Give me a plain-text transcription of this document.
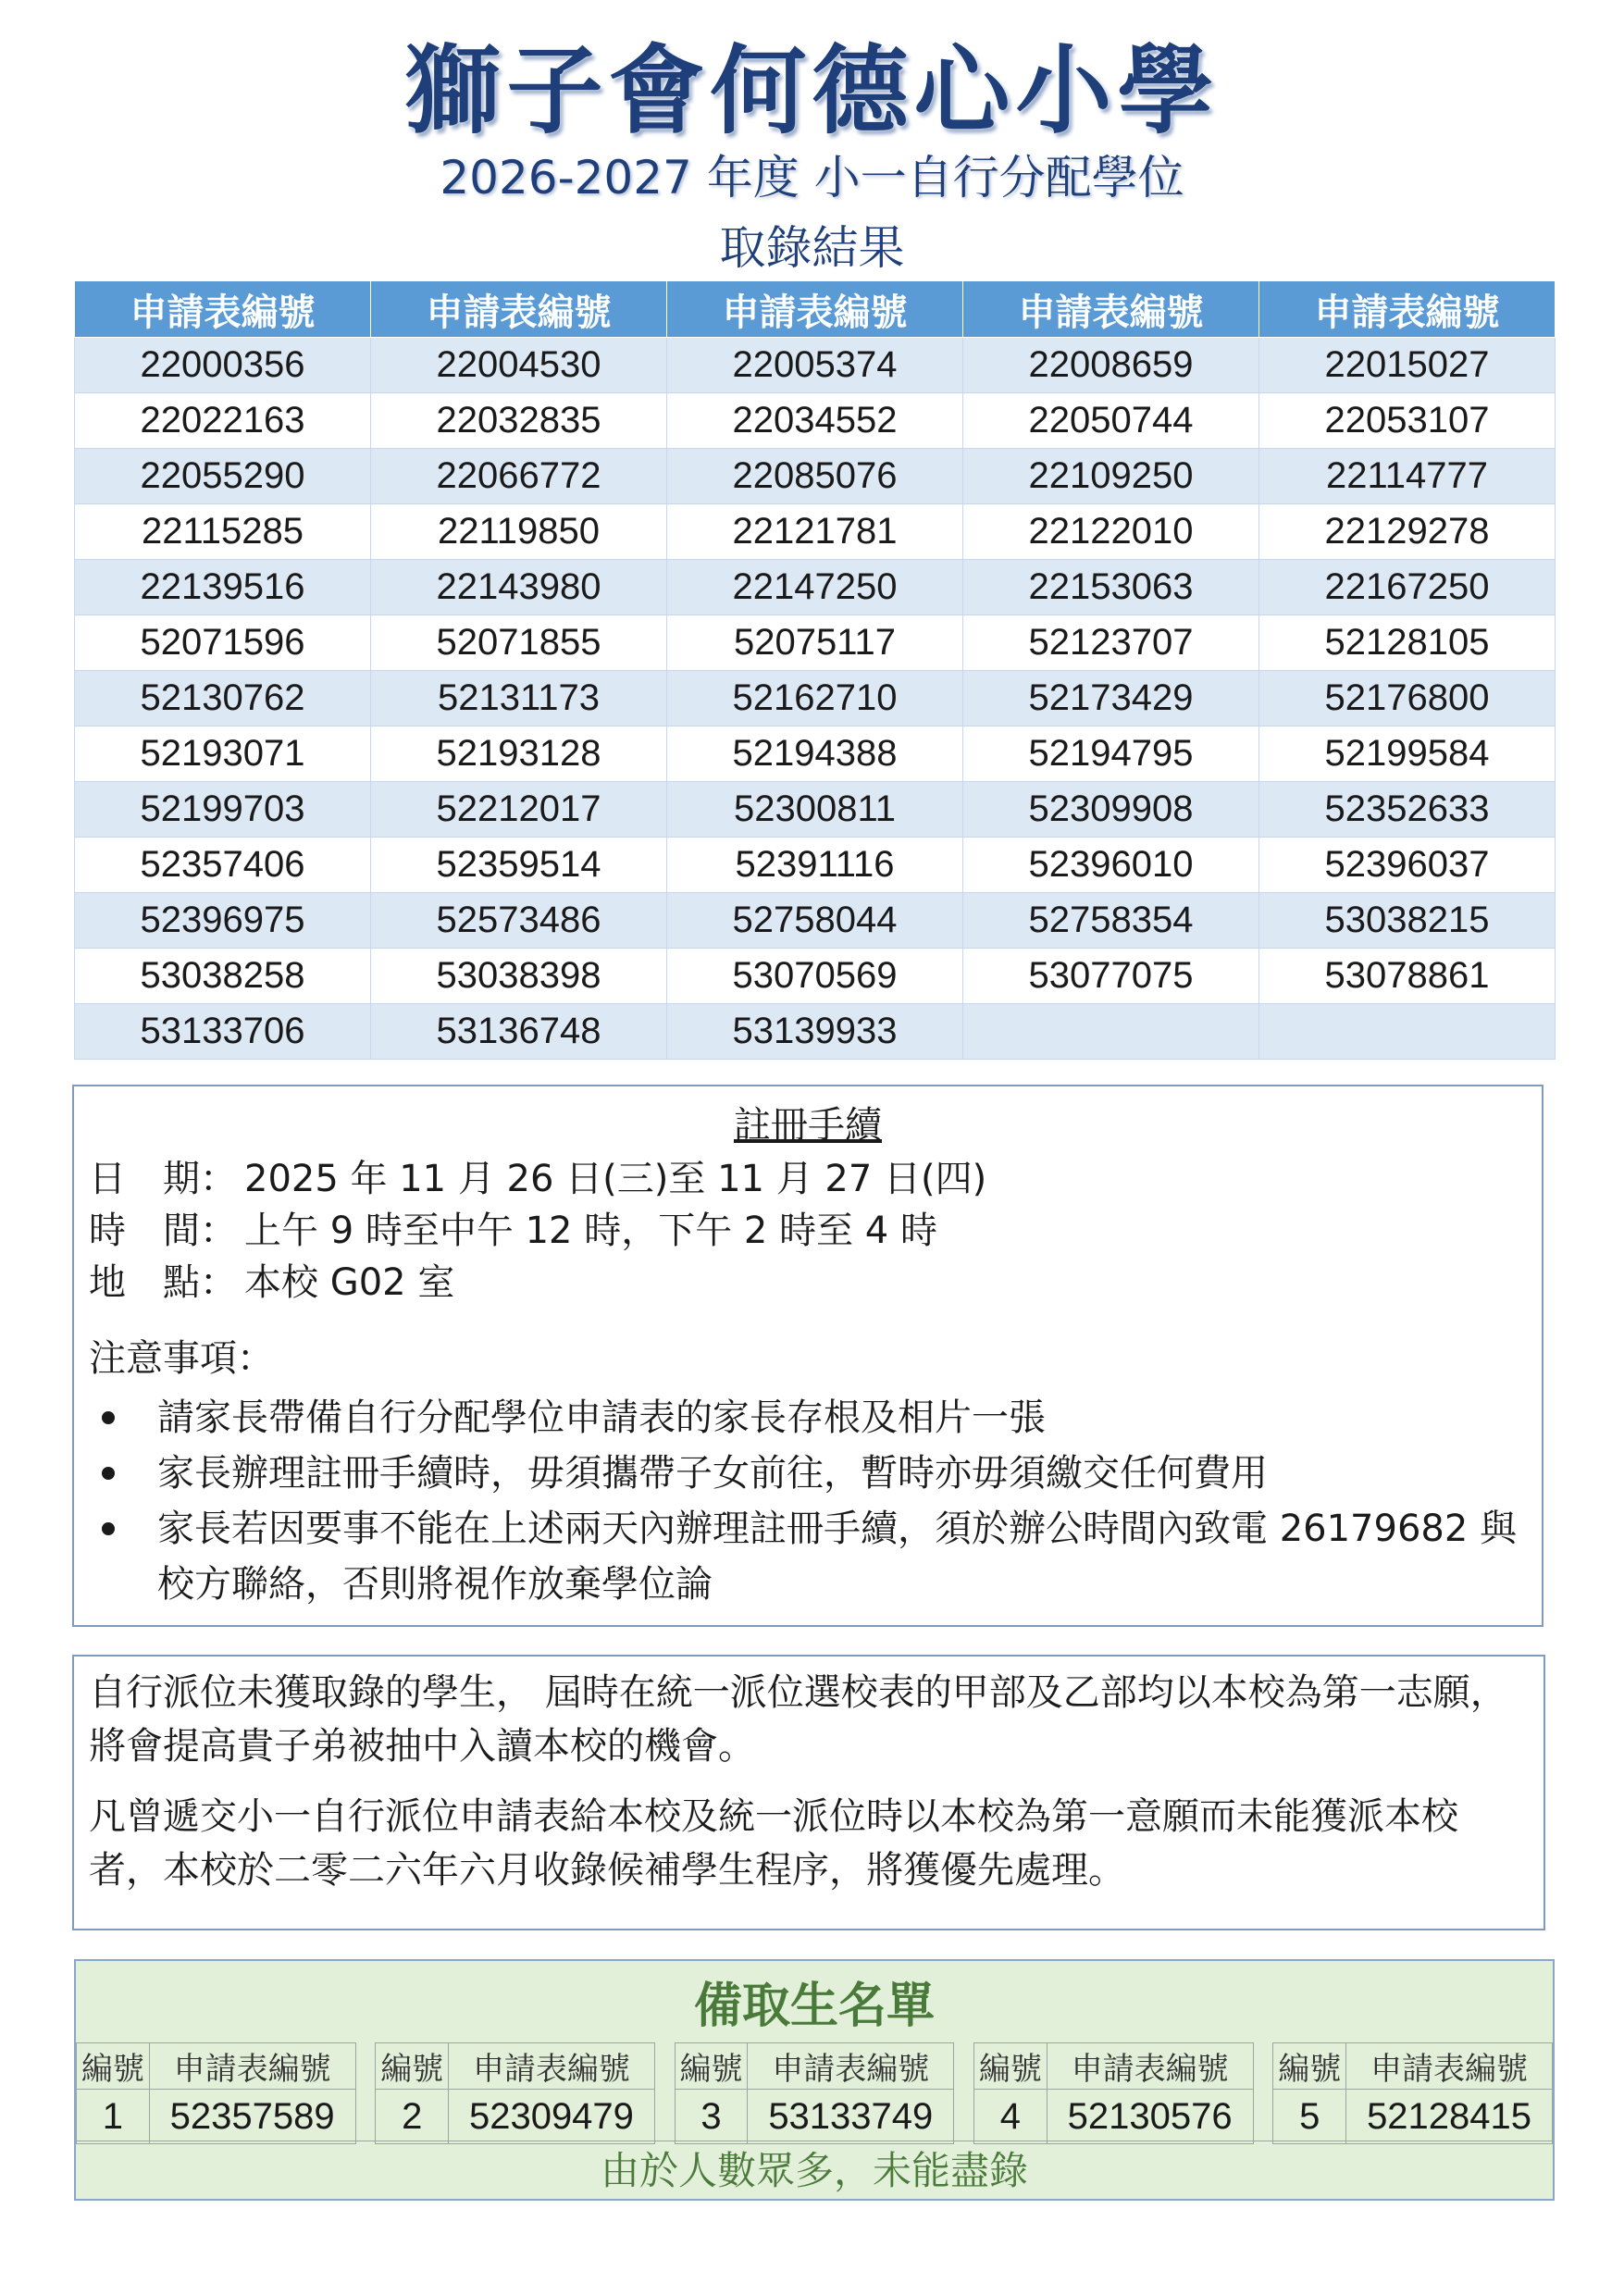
獅子會何德心小學
2026-2027 年度 小一自行分配學位
取錄結果
申請表編號	申請表編號	申請表編號	申請表編號	申請表編號
22000356	22004530	22005374	22008659	22015027
22022163	22032835	22034552	22050744	22053107
22055290	22066772	22085076	22109250	22114777
22115285	22119850	22121781	22122010	22129278
22139516	22143980	22147250	22153063	22167250
52071596	52071855	52075117	52123707	52128105
52130762	52131173	52162710	52173429	52176800
52193071	52193128	52194388	52194795	52199584
52199703	52212017	52300811	52309908	52352633
52357406	52359514	52391116	52396010	52396037
52396975	52573486	52758044	52758354	53038215
53038258	53038398	53070569	53077075	53078861
53133706	53136748	53139933		
註冊手續
日　期： 2025 年 11 月 26 日(三)至 11 月 27 日(四)
時　間： 上午 9 時至中午 12 時，下午 2 時至 4 時
地　點： 本校 G02 室
注意事項：
請家長帶備自行分配學位申請表的家長存根及相片一張
家長辦理註冊手續時，毋須攜帶子女前往，暫時亦毋須繳交任何費用
家長若因要事不能在上述兩天內辦理註冊手續，須於辦公時間內致電 26179682 與校方聯絡，否則將視作放棄學位論

自行派位未獲取錄的學生， 屆時在統一派位選校表的甲部及乙部均以本校為第一志願，將會提高貴子弟被抽中入讀本校的機會。

凡曾遞交小一自行派位申請表給本校及統一派位時以本校為第一意願而未能獲派本校者，本校於二零二六年六月收錄候補學生程序，將獲優先處理。

備取生名單
編號	申請表編號		編號	申請表編號		編號	申請表編號		編號	申請表編號		編號	申請表編號
1	52357589		2	52309479		3	53133749		4	52130576		5	52128415
由於人數眾多，未能盡錄
